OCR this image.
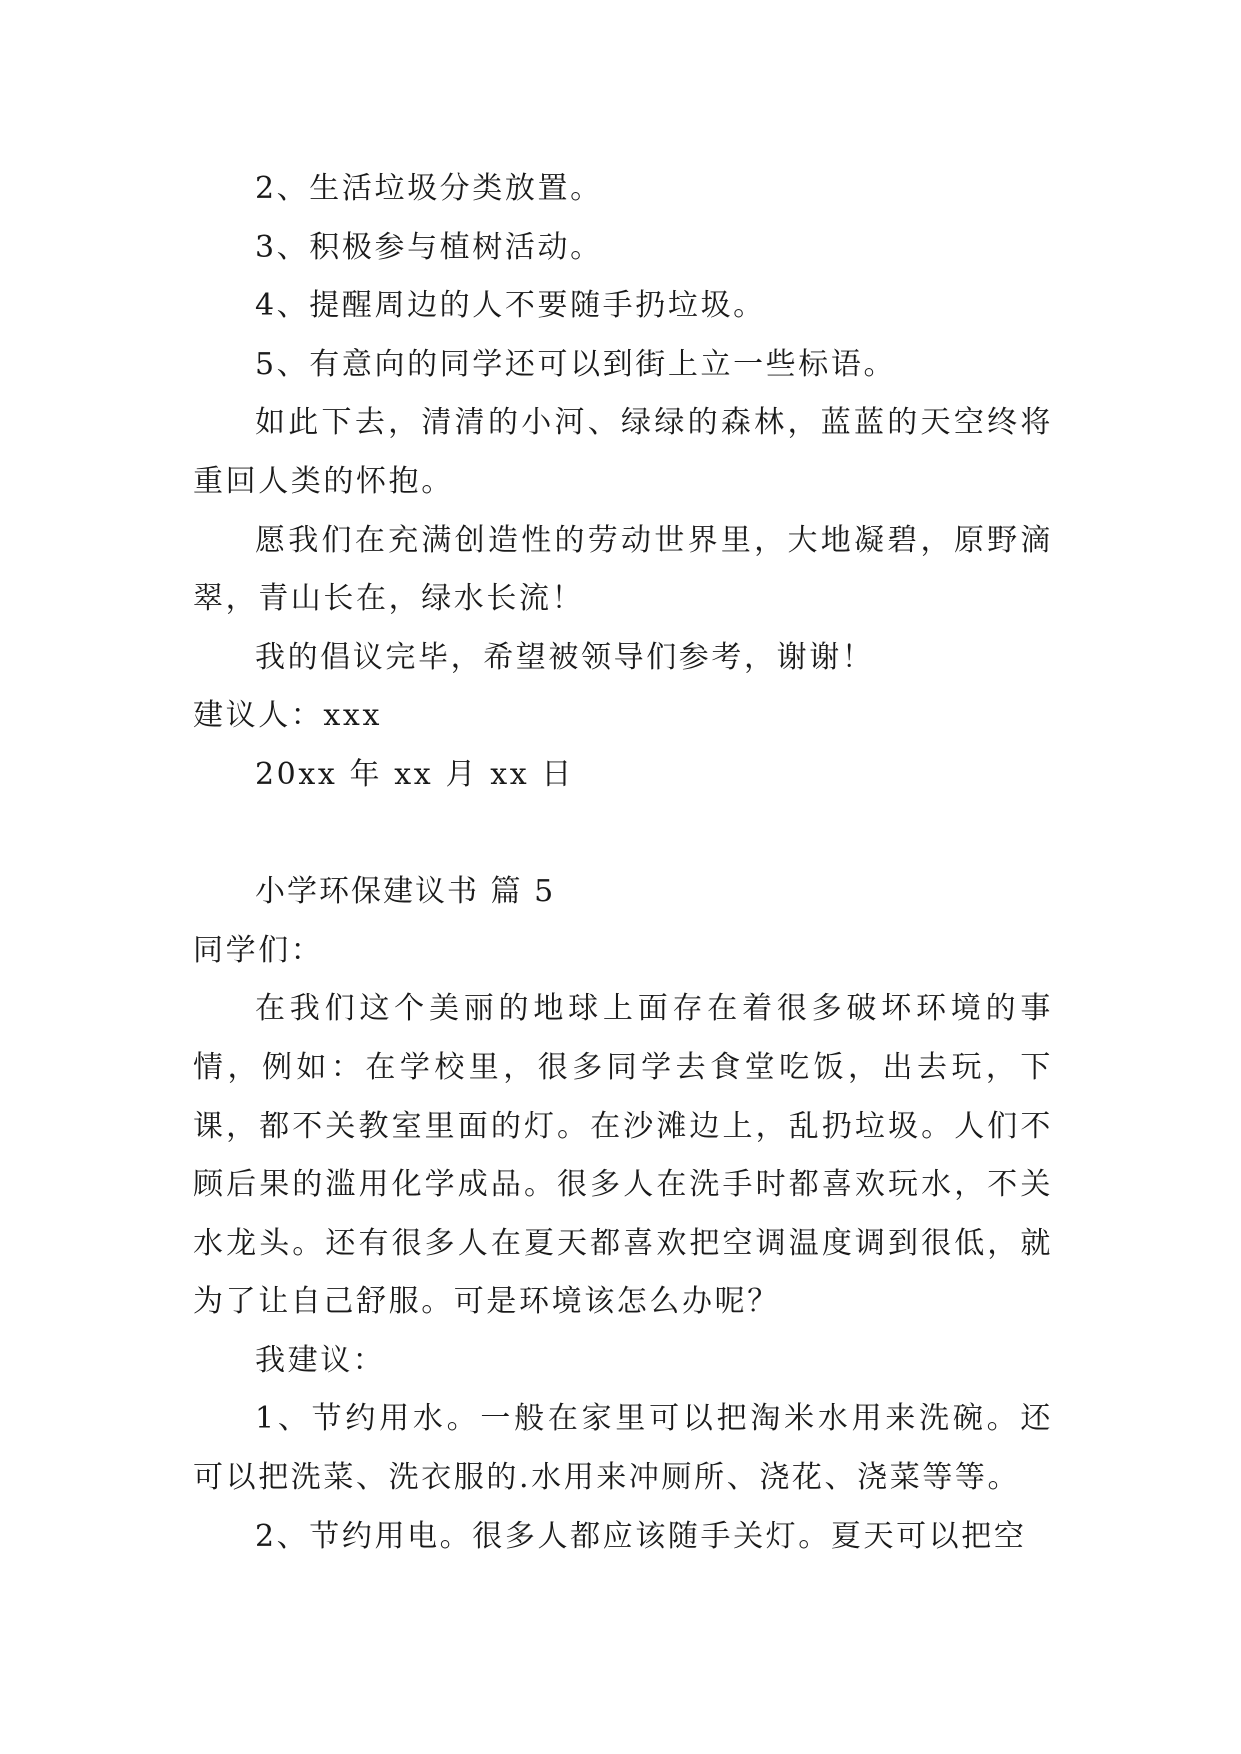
2、生活垃圾分类放置。
3、积极参与植树活动。
4、提醒周边的人不要随手扔垃圾。
5、有意向的同学还可以到街上立一些标语。
如此下去，清清的小河、绿绿的森林，蓝蓝的天空终将重回人类的怀抱。
愿我们在充满创造性的劳动世界里，大地凝碧，原野滴翠，青山长在，绿水长流！
我的倡议完毕，希望被领导们参考，谢谢！
建议人：xxx
20xx 年 xx 月 xx 日
小学环保建议书 篇 5
同学们：
在我们这个美丽的地球上面存在着很多破坏环境的事情，例如：在学校里，很多同学去食堂吃饭，出去玩，下课，都不关教室里面的灯。在沙滩边上，乱扔垃圾。人们不顾后果的滥用化学成品。很多人在洗手时都喜欢玩水，不关水龙头。还有很多人在夏天都喜欢把空调温度调到很低，就为了让自己舒服。可是环境该怎么办呢？
我建议：
1、节约用水。一般在家里可以把淘米水用来洗碗。还可以把洗菜、洗衣服的.水用来冲厕所、浇花、浇菜等等。
2、节约用电。很多人都应该随手关灯。夏天可以把空
